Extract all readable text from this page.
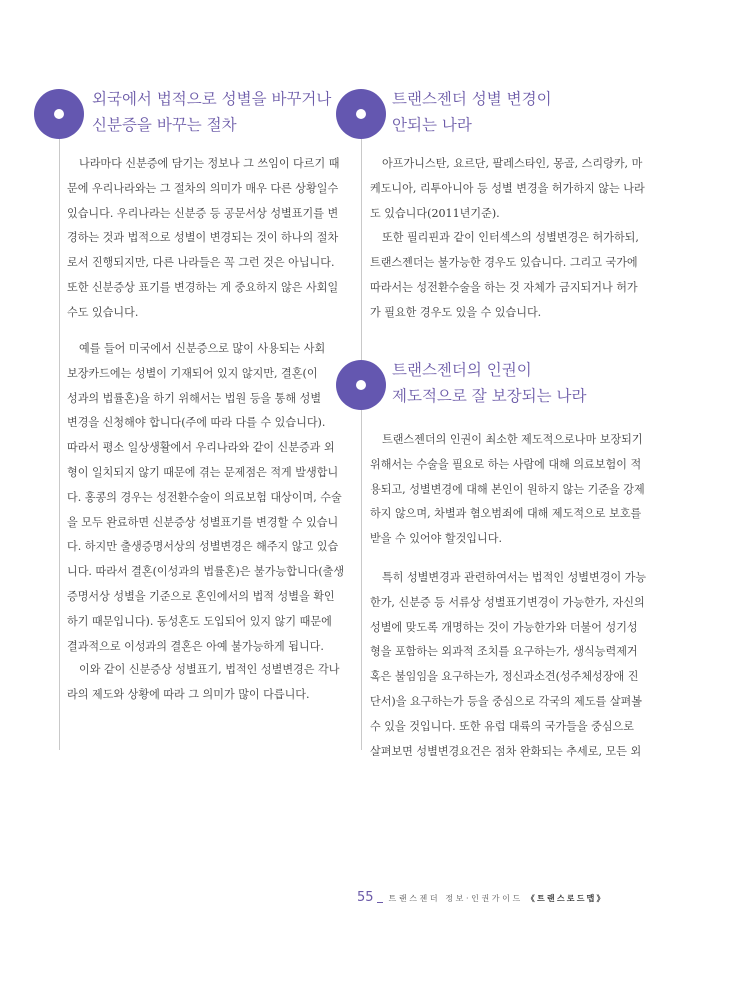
외국에서 법적으로 성별을 바꾸거나
신분증을 바꾸는 절차
나라마다 신분증에 담기는 정보나 그 쓰임이 다르기 때
문에 우리나라와는 그 절차의 의미가 매우 다른 상황일수
있습니다. 우리나라는 신분증 등 공문서상 성별표기를 변
경하는 것과 법적으로 성별이 변경되는 것이 하나의 절차
로서 진행되지만, 다른 나라들은 꼭 그런 것은 아닙니다.
또한 신분증상 표기를 변경하는 게 중요하지 않은 사회일
수도 있습니다.
예를 들어 미국에서 신분증으로 많이 사용되는 사회
보장카드에는 성별이 기재되어 있지 않지만, 결혼(이
성과의 법률혼)을 하기 위해서는 법원 등을 통해 성별
변경을 신청해야 합니다(주에 따라 다를 수 있습니다).
따라서 평소 일상생활에서 우리나라와 같이 신분증과 외
형이 일치되지 않기 때문에 겪는 문제점은 적게 발생합니
다. 홍콩의 경우는 성전환수술이 의료보험 대상이며, 수술
을 모두 완료하면 신분증상 성별표기를 변경할 수 있습니
다. 하지만 출생증명서상의 성별변경은 해주지 않고 있습
니다. 따라서 결혼(이성과의 법률혼)은 불가능합니다(출생
증명서상 성별을 기준으로 혼인에서의 법적 성별을 확인
하기 때문입니다). 동성혼도 도입되어 있지 않기 때문에
결과적으로 이성과의 결혼은 아예 불가능하게 됩니다.
이와 같이 신분증상 성별표기, 법적인 성별변경은 각나
라의 제도와 상황에 따라 그 의미가 많이 다릅니다.
트랜스젠더 성별 변경이
안되는 나라
아프가니스탄, 요르단, 팔레스타인, 몽골, 스리랑카, 마
케도니아, 리투아니아 등 성별 변경을 허가하지 않는 나라
도 있습니다(2011년기준).
또한 필리핀과 같이 인터섹스의 성별변경은 허가하되,
트랜스젠더는 불가능한 경우도 있습니다. 그리고 국가에
따라서는 성전환수술을 하는 것 자체가 금지되거나 허가
가 필요한 경우도 있을 수 있습니다.
트랜스젠더의 인권이
제도적으로 잘 보장되는 나라
트랜스젠더의 인권이 최소한 제도적으로나마 보장되기
위해서는 수술을 필요로 하는 사람에 대해 의료보험이 적
용되고, 성별변경에 대해 본인이 원하지 않는 기준을 강제
하지 않으며, 차별과 혐오범죄에 대해 제도적으로 보호를
받을 수 있어야 할것입니다.
특히 성별변경과 관련하여서는 법적인 성별변경이 가능
한가, 신분증 등 서류상 성별표기변경이 가능한가, 자신의
성별에 맞도록 개명하는 것이 가능한가와 더불어 성기성
형을 포함하는 외과적 조치를 요구하는가, 생식능력제거
혹은 불임임을 요구하는가, 정신과소견(성주체성장애 진
단서)을 요구하는가 등을 중심으로 각국의 제도를 살펴볼
수 있을 것입니다. 또한 유럽 대륙의 국가들을 중심으로
살펴보면 성별변경요건은 점차 완화되는 추세로, 모든 외
55 트랜스젠더 정보·인권가이드 《트랜스로드맵》
